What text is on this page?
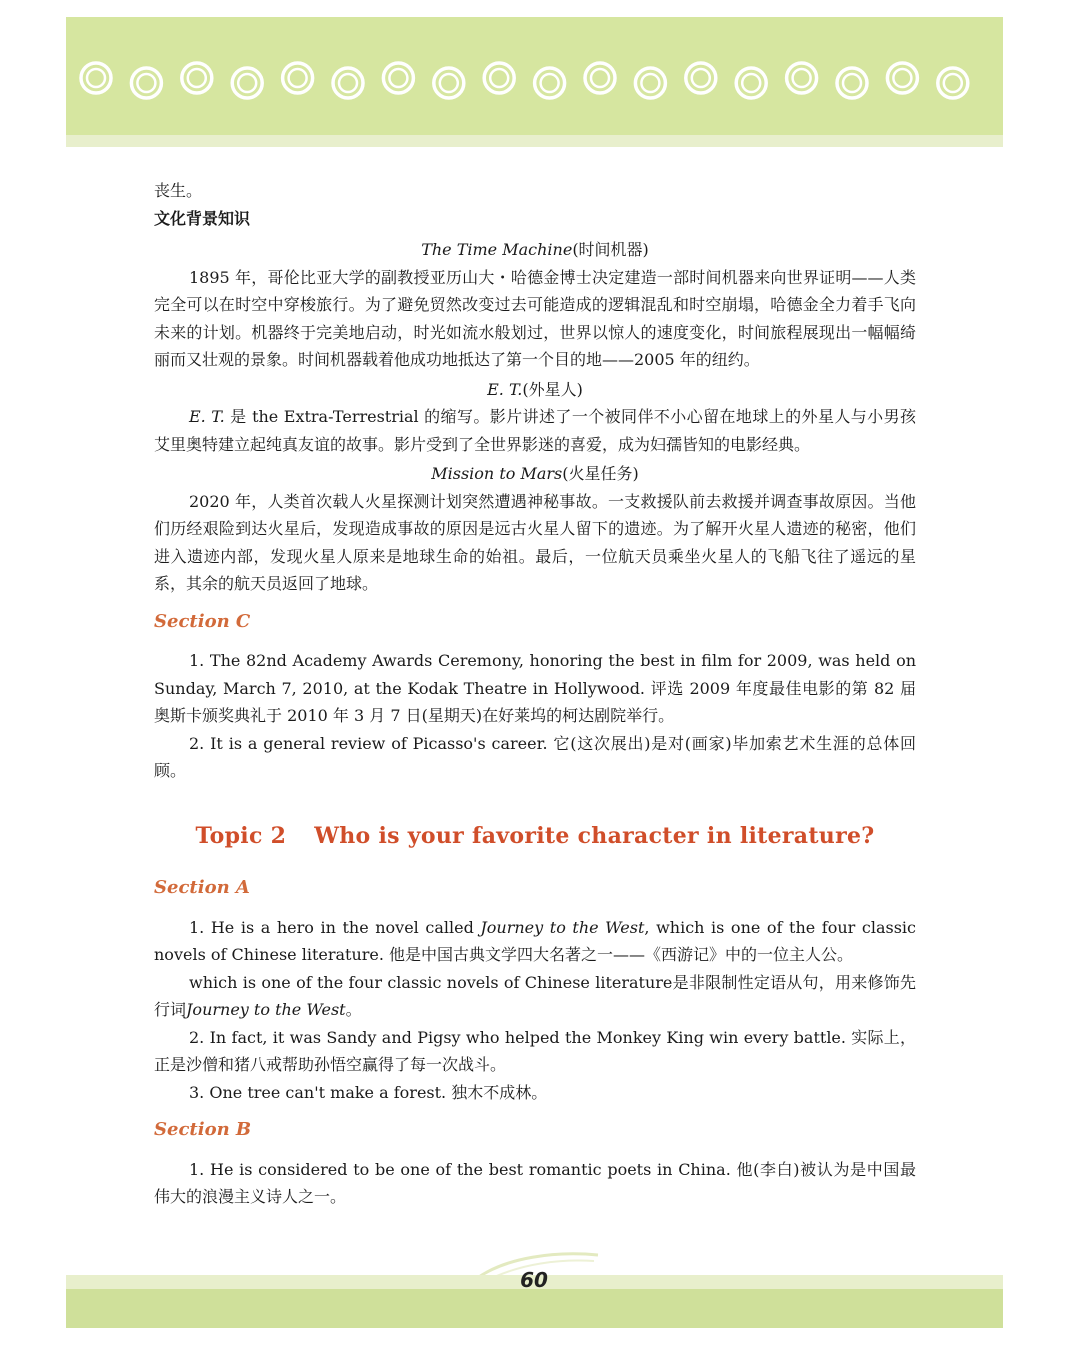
丧生。

文化背景知识

The Time Machine(时间机器)

1895 年，哥伦比亚大学的副教授亚历山大・哈德金博士决定建造一部时间机器来向世界证明——人类完全可以在时空中穿梭旅行。为了避免贸然改变过去可能造成的逻辑混乱和时空崩塌，哈德金全力着手飞向未来的计划。机器终于完美地启动，时光如流水般划过，世界以惊人的速度变化，时间旅程展现出一幅幅绮丽而又壮观的景象。时间机器载着他成功地抵达了第一个目的地——2005 年的纽约。

E. T.(外星人)

E. T. 是 the Extra-Terrestrial 的缩写。影片讲述了一个被同伴不小心留在地球上的外星人与小男孩艾里奥特建立起纯真友谊的故事。影片受到了全世界影迷的喜爱，成为妇孺皆知的电影经典。

Mission to Mars(火星任务)

2020 年，人类首次载人火星探测计划突然遭遇神秘事故。一支救援队前去救援并调查事故原因。当他们历经艰险到达火星后，发现造成事故的原因是远古火星人留下的遗迹。为了解开火星人遗迹的秘密，他们进入遗迹内部，发现火星人原来是地球生命的始祖。最后，一位航天员乘坐火星人的飞船飞往了遥远的星系，其余的航天员返回了地球。

Section C

1. The 82nd Academy Awards Ceremony, honoring the best in film for 2009, was held on Sunday, March 7, 2010, at the Kodak Theatre in Hollywood. 评选 2009 年度最佳电影的第 82 届奥斯卡颁奖典礼于 2010 年 3 月 7 日(星期天)在好莱坞的柯达剧院举行。

2. It is a general review of Picasso's career. 它(这次展出)是对(画家)毕加索艺术生涯的总体回顾。

Topic 2 Who is your favorite character in literature?

Section A

1. He is a hero in the novel called Journey to the West, which is one of the four classic novels of Chinese literature. 他是中国古典文学四大名著之一——《西游记》中的一位主人公。

which is one of the four classic novels of Chinese literature是非限制性定语从句，用来修饰先行词Journey to the West。

2. In fact, it was Sandy and Pigsy who helped the Monkey King win every battle. 实际上，正是沙僧和猪八戒帮助孙悟空赢得了每一次战斗。

3. One tree can't make a forest. 独木不成林。

Section B

1. He is considered to be one of the best romantic poets in China. 他(李白)被认为是中国最伟大的浪漫主义诗人之一。

60
